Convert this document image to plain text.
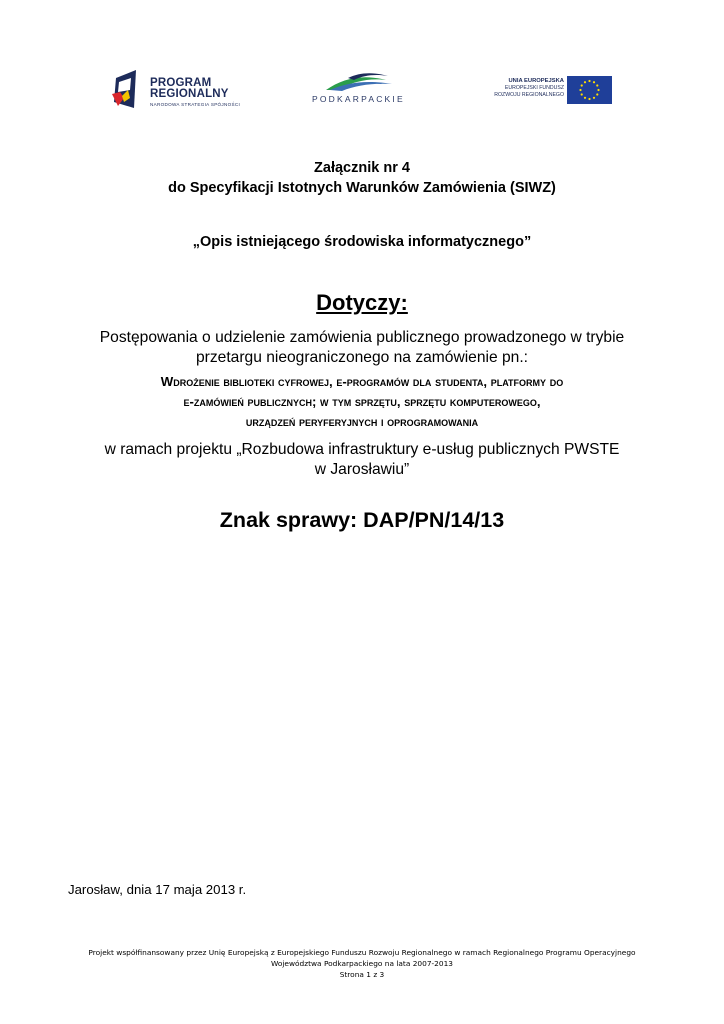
PROGRAM
REGIONALNY
NARODOWA STRATEGIA SPÓJNOŚCI
PODKARPACKIE
UNIA EUROPEJSKA
EUROPEJSKI FUNDUSZ
ROZWOJU REGIONALNEGO
Załącznik nr 4
do Specyfikacji Istotnych Warunków Zamówienia (SIWZ)
„Opis istniejącego środowiska informatycznego”
Dotyczy:
Postępowania o udzielenie zamówienia publicznego prowadzonego w trybie
przetargu nieograniczonego na zamówienie pn.:
Wdrożenie biblioteki cyfrowej, e-programów dla studenta, platformy do
e-zamówień publicznych; w tym sprzętu, sprzętu komputerowego,
urządzeń peryferyjnych i oprogramowania
w ramach projektu „Rozbudowa infrastruktury e-usług publicznych PWSTE
w Jarosławiu”
Znak sprawy: DAP/PN/14/13
Jarosław, dnia 17 maja 2013 r.
Projekt współfinansowany przez Unię Europejską z Europejskiego Funduszu Rozwoju Regionalnego w ramach Regionalnego Programu Operacyjnego
Województwa Podkarpackiego na lata 2007-2013
Strona 1 z 3
